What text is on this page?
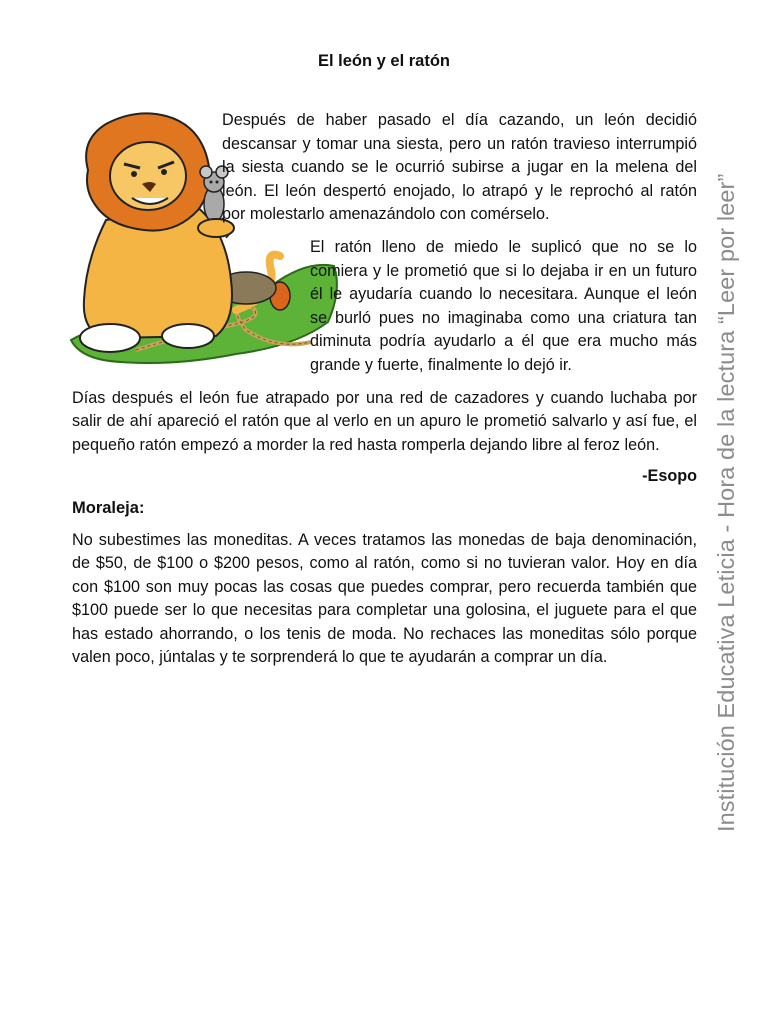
El león y el ratón

Después de haber pasado el día cazando, un león decidió descansar y tomar una siesta, pero un ratón travieso interrumpió la siesta cuando se le ocurrió subirse a jugar en la melena del león. El león despertó enojado, lo atrapó y le reprochó al ratón por molestarlo amenazándolo con comérselo.

El ratón lleno de miedo le suplicó que no se lo comiera y le prometió que si lo dejaba ir en un futuro él le ayudaría cuando lo necesitara. Aunque el león se burló pues no imaginaba como una criatura tan diminuta podría ayudarlo a él que era mucho más grande y fuerte, finalmente lo dejó ir.

Días después el león fue atrapado por una red de cazadores y cuando luchaba por salir de ahí apareció el ratón que al verlo en un apuro le prometió salvarlo y así fue, el pequeño ratón empezó a morder la red hasta romperla dejando libre al feroz león.

-Esopo

Moraleja:

No subestimes las moneditas. A veces tratamos las monedas de baja denominación, de $50, de $100 o $200 pesos, como al ratón, como si no tuvieran valor. Hoy en día con $100 son muy pocas las cosas que puedes comprar, pero recuerda también que $100 puede ser lo que necesitas para completar una golosina, el juguete para el que has estado ahorrando, o los tenis de moda. No rechaces las moneditas sólo porque valen poco, júntalas y te sorprenderá lo que te ayudarán a comprar un día.	Institución Educativa Leticia - Hora de la lectura “Leer por leer”
